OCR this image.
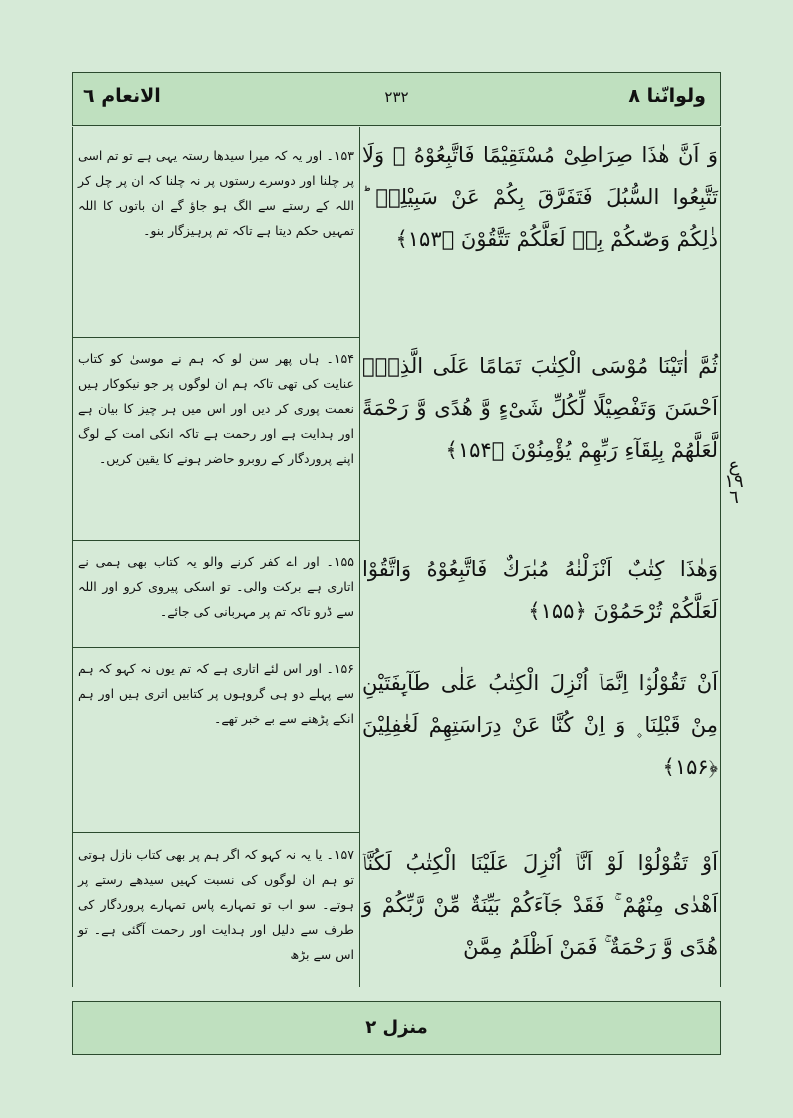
ولوانّنا ٨
٢٣٢
الانعام ٦
وَ اَنَّ هٰذَا صِرَاطِیْ مُسْتَقِیْمًا فَاتَّبِعُوْهُ ۚ وَلَا تَتَّبِعُوا السُّبُلَ فَتَفَرَّقَ بِكُمْ عَنْ سَبِیْلِهٖ ؕ ذٰلِكُمْ وَصّٰىكُمْ بِهٖ لَعَلَّكُمْ تَتَّقُوْنَ ﴿۱۵۳﴾
۱۵۳۔ اور یہ کہ میرا سیدھا رستہ یہی ہے تو تم اسی پر چلنا اور دوسرے رستوں پر نہ چلنا کہ ان پر چل کر اللہ کے رستے سے الگ ہو جاؤ گے ان باتوں کا اللہ تمہیں حکم دیتا ہے تاکہ تم پرہیزگار بنو۔
ثُمَّ اٰتَیْنَا مُوْسَى الْكِتٰبَ تَمَامًا عَلَى الَّذِیْۤ اَحْسَنَ وَتَفْصِیْلًا لِّكُلِّ شَیْءٍ وَّ هُدًى وَّ رَحْمَةً لَّعَلَّهُمْ بِلِقَآءِ رَبِّهِمْ یُؤْمِنُوْنَ ﴿۱۵۴﴾
۱۵۴۔ ہاں پھر سن لو کہ ہم نے موسیٰ کو کتاب عنایت کی تھی تاکہ ہم ان لوگوں پر جو نیکوکار ہیں نعمت پوری کر دیں اور اس میں ہر چیز کا بیان ہے اور ہدایت ہے اور رحمت ہے تاکہ انکی امت کے لوگ اپنے پروردگار کے روبرو حاضر ہونے کا یقین کریں۔	ع ١٩ ٦
وَهٰذَا كِتٰبٌ اَنْزَلْنٰهُ مُبٰرَكٌ فَاتَّبِعُوْهُ وَاتَّقُوْا لَعَلَّكُمْ تُرْحَمُوْنَ ﴿۱۵۵﴾
۱۵۵۔ اور اے کفر کرنے والو یہ کتاب بھی ہمی نے اتاری ہے برکت والی۔ تو اسکی پیروی کرو اور اللہ سے ڈرو تاکہ تم پر مہربانی کی جائے۔
اَنْ تَقُوْلُوْۤا اِنَّمَاۤ اُنْزِلَ الْكِتٰبُ عَلٰى طَآىِٕفَتَیْنِ مِنْ قَبْلِنَا ۪ وَ اِنْ كُنَّا عَنْ دِرَاسَتِهِمْ لَغٰفِلِیْنَ ﴿۱۵۶﴾
۱۵۶۔ اور اس لئے اتاری ہے کہ تم یوں نہ کہو کہ ہم سے پہلے دو ہی گروہوں پر کتابیں اتری ہیں اور ہم انکے پڑھنے سے بے خبر تھے۔
اَوْ تَقُوْلُوْا لَوْ اَنَّاۤ اُنْزِلَ عَلَیْنَا الْكِتٰبُ لَكُنَّاۤ اَهْدٰى مِنْهُمْ ۚ فَقَدْ جَآءَكُمْ بَیِّنَةٌ مِّنْ رَّبِّكُمْ وَ هُدًى وَّ رَحْمَةٌ ۚ فَمَنْ اَظْلَمُ مِمَّنْ
۱۵۷۔ یا یہ نہ کہو کہ اگر ہم پر بھی کتاب نازل ہوتی تو ہم ان لوگوں کی نسبت کہیں سیدھے رستے پر ہوتے۔ سو اب تو تمہارے پاس تمہارے پروردگار کی طرف سے دلیل اور ہدایت اور رحمت آگئی ہے۔ تو اس سے بڑھ
منزل ٢
